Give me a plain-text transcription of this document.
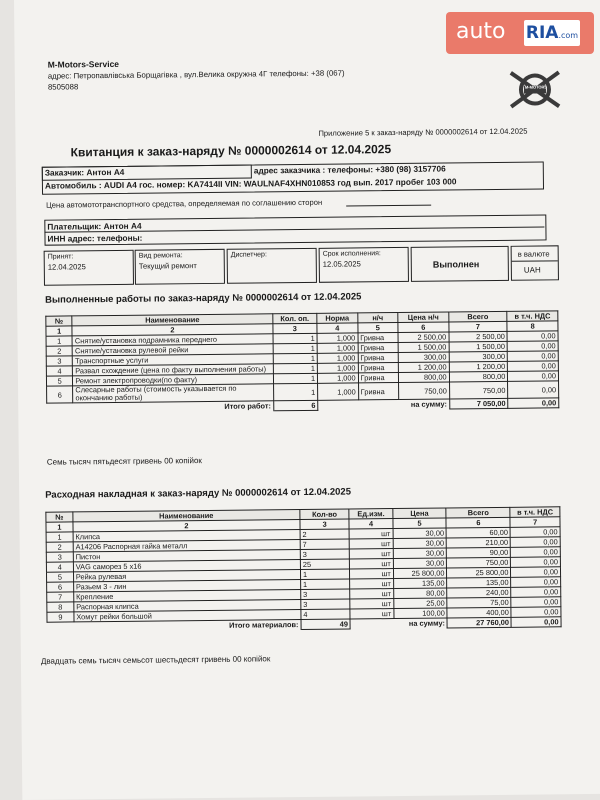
M-Motors-Service
адрес: Петропавлівська Борщагівка , вул.Велика окружна 4Г телефоны: +38 (067)
8505088	M-MOTORS
Приложение 5 к заказ-наряду № 0000002614 от 12.04.2025
Квитанция к заказ-наряду № 0000002614 от 12.04.2025
Заказчик: Антон А4	адрес заказчика : телефоны: +380 (98) 3157706
Автомобиль : AUDI A4 гос. номер: KA7414II VIN: WAULNAF4XHN010853 год вып. 2017 пробег 103 000
Цена автомототранспортного средства, определяемая по соглашению сторон
Плательщик: Антон А4
ИНН адрес: телефоны:
Принят:
12.04.2025
Вид ремонта:
Текущий ремонт
Диспетчер:	Срок исполнения:
12.05.2025	Выполнен
в валюте
UAH
Выполненные работы по заказ-наряду № 0000002614 от 12.04.2025
№	Наименование	Кол. оп.	Норма	н/ч	Цена н/ч	Всего	в т.ч. НДС
1	2	3	4	5	6	7	8
1	Снятие/установка подрамника переднего	1	1,000	Гривна	2 500,00	2 500,00	0,00
2	Снятие/установка рулевой рейки	1	1,000	Гривна	1 500,00	1 500,00	0,00
3	Транспортные услуги	1	1,000	Гривна	300,00	300,00	0,00
4	Развал схождение (цена по факту выполнения работы)	1	1,000	Гривна	1 200,00	1 200,00	0,00
5	Ремонт электропроводки(по факту)	1	1,000	Гривна	800,00	800,00	0,00
6	Слесарные работы (стоимость указывается по окончанию работы)	1	1,000	Гривна	750,00	750,00	0,00
Итого работ:		6	на сумму:			7 050,00	0,00
Семь тысяч пятьдесят гривень 00 копійок
Расходная накладная к заказ-наряду № 0000002614 от 12.04.2025
№	Наименование	Кол-во	Ед.изм.	Цена	Всего	в т.ч. НДС
1	2	3	4	5	6	7
1	Клипса	2	шт	30,00	60,00	0,00
2	A14206 Распорная гайка металл	7	шт	30,00	210,00	0,00
3	Пистон	3	шт	30,00	90,00	0,00
4	VAG саморез 5 х16	25	шт	30,00	750,00	0,00
5	Рейка рулевая	1	шт	25 800,00	25 800,00	0,00
6	Разьем 3 - лин	1	шт	135,00	135,00	0,00
7	Крепление	3	шт	80,00	240,00	0,00
8	Распорная клипса	3	шт	25,00	75,00	0,00
9	Хомут рейки большой	4	шт	100,00	400,00	0,00
Итого материалов:		49	на сумму:		27 760,00	0,00
Двадцать семь тысяч семьсот шестьдесят гривень 00 копійок
auto RIA.com
